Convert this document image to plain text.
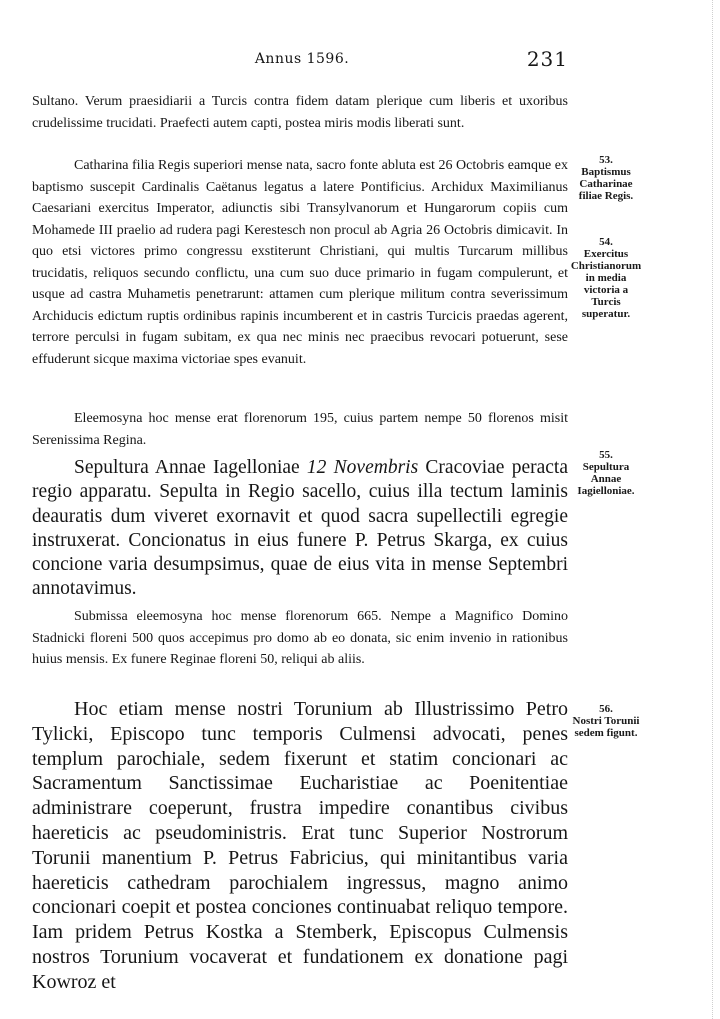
Annus 1596.	231

Sultano. Verum praesidiarii a Turcis contra fidem datam plerique cum liberis et uxoribus crudelissime trucidati. Praefecti autem capti, postea miris modis liberati sunt.

Catharina filia Regis superiori mense nata, sacro fonte abluta est 26 Octobris eamque ex baptismo suscepit Cardinalis Caëtanus legatus a latere Pontificius. Archidux Maximilianus Caesariani exercitus Imperator, adiunctis sibi Transylvanorum et Hungarorum copiis cum Mohamede III praelio ad rudera pagi Kerestesch non procul ab Agria 26 Octobris dimicavit. In quo etsi victores primo congressu exstiterunt Christiani, qui multis Turcarum millibus trucidatis, reliquos secundo conflictu, una cum suo duce primario in fugam compulerunt, et usque ad castra Muhametis penetrarunt: attamen cum plerique militum contra severissimum Archiducis edictum ruptis ordinibus rapinis incumberent et in castris Turcicis praedas agerent, terrore perculsi in fugam subitam, ex qua nec minis nec praecibus revocari potuerunt, sese effuderunt sicque maxima victoriae spes evanuit.

Eleemosyna hoc mense erat florenorum 195, cuius partem nempe 50 florenos misit Serenissima Regina.

Sepultura Annae Iagelloniae 12 Novembris Cracoviae peracta regio apparatu. Sepulta in Regio sacello, cuius illa tectum laminis deauratis dum viveret exornavit et quod sacra supellectili egregie instruxerat. Concionatus in eius funere P. Petrus Skarga, ex cuius concione varia desumpsimus, quae de eius vita in mense Septembri annotavimus.

Submissa eleemosyna hoc mense florenorum 665. Nempe a Magnifico Domino Stadnicki floreni 500 quos accepimus pro domo ab eo donata, sic enim invenio in rationibus huius mensis. Ex funere Reginae floreni 50, reliqui ab aliis.

Hoc etiam mense nostri Torunium ab Illustrissimo Petro Tylicki, Episcopo tunc temporis Culmensi advocati, penes templum parochiale, sedem fixerunt et statim concionari ac Sacramentum Sanctissimae Eucharistiae ac Poenitentiae administrare coeperunt, frustra impedire conantibus civibus haereticis ac pseudoministris. Erat tunc Superior Nostrorum Torunii manentium P. Petrus Fabricius, qui minitantibus varia haereticis cathedram parochialem ingressus, magno animo concionari coepit et postea conciones continuabat reliquo tempore. Iam pridem Petrus Kostka a Stemberk, Episcopus Culmensis nostros Torunium vocaverat et fundationem ex donatione pagi Kowroz et

53.
Baptismus Catharinae filiae Regis.
54.
Exercitus Christianorum in media victoria a Turcis superatur.
55.
Sepultura Annae Iagielloniae.
56.
Nostri Torunii sedem figunt.
